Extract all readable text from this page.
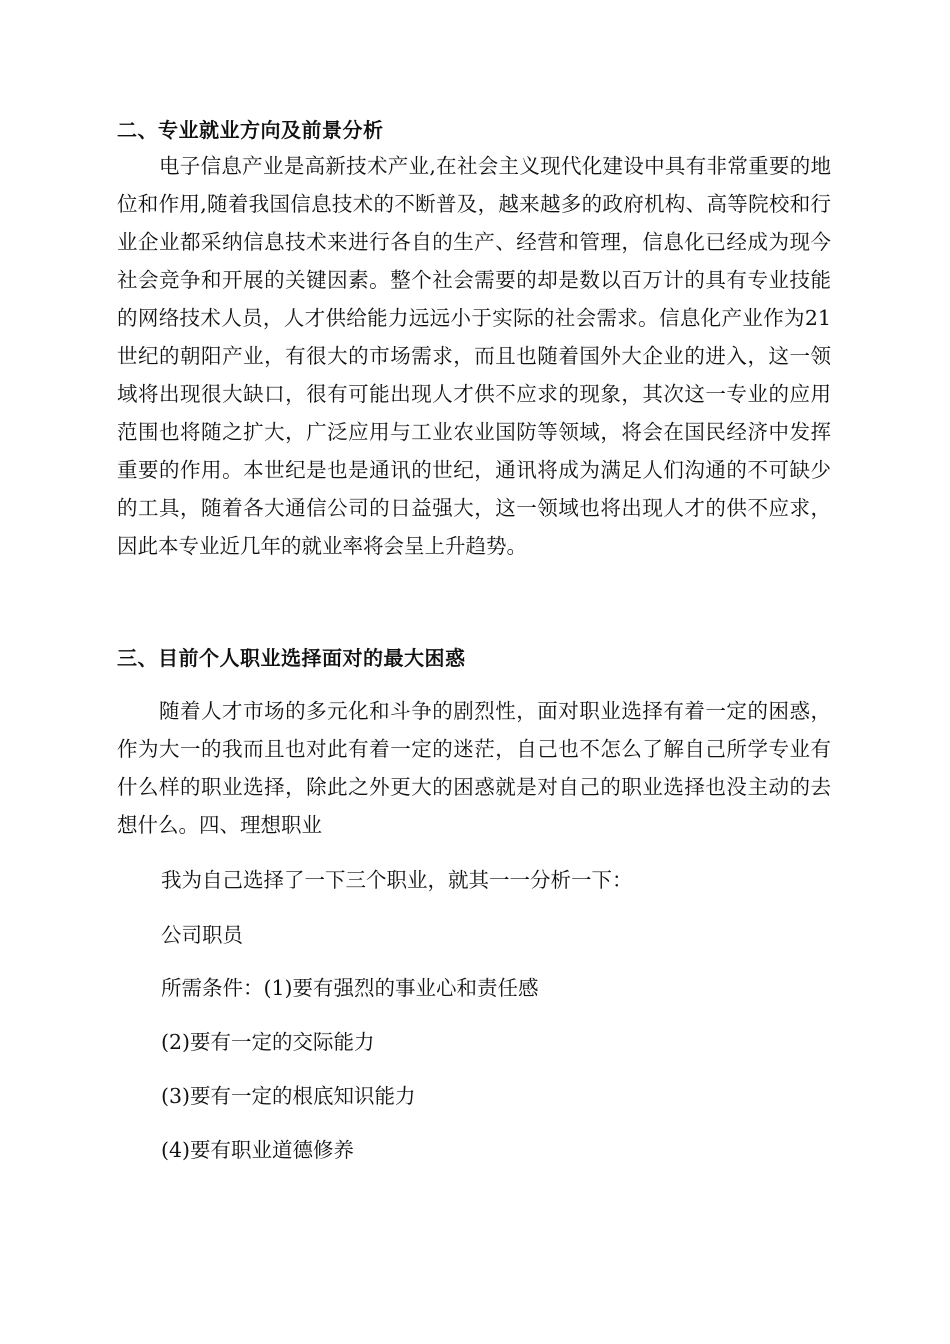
二、专业就业方向及前景分析

电子信息产业是高新技术产业,在社会主义现代化建设中具有非常重要的地位和作用,随着我国信息技术的不断普及，越来越多的政府机构、高等院校和行业企业都采纳信息技术来进行各自的生产、经营和管理，信息化已经成为现今社会竞争和开展的关键因素。整个社会需要的却是数以百万计的具有专业技能的网络技术人员，人才供给能力远远小于实际的社会需求。信息化产业作为21世纪的朝阳产业，有很大的市场需求，而且也随着国外大企业的进入，这一领域将出现很大缺口，很有可能出现人才供不应求的现象，其次这一专业的应用范围也将随之扩大，广泛应用与工业农业国防等领域，将会在国民经济中发挥重要的作用。本世纪是也是通讯的世纪，通讯将成为满足人们沟通的不可缺少的工具，随着各大通信公司的日益强大，这一领域也将出现人才的供不应求，因此本专业近几年的就业率将会呈上升趋势。

三、目前个人职业选择面对的最大困惑

随着人才市场的多元化和斗争的剧烈性，面对职业选择有着一定的困惑，作为大一的我而且也对此有着一定的迷茫，自己也不怎么了解自己所学专业有什么样的职业选择，除此之外更大的困惑就是对自己的职业选择也没主动的去想什么。四、理想职业

我为自己选择了一下三个职业，就其一一分析一下：
公司职员
所需条件：(1)要有强烈的事业心和责任感
(2)要有一定的交际能力
(3)要有一定的根底知识能力
(4)要有职业道德修养
